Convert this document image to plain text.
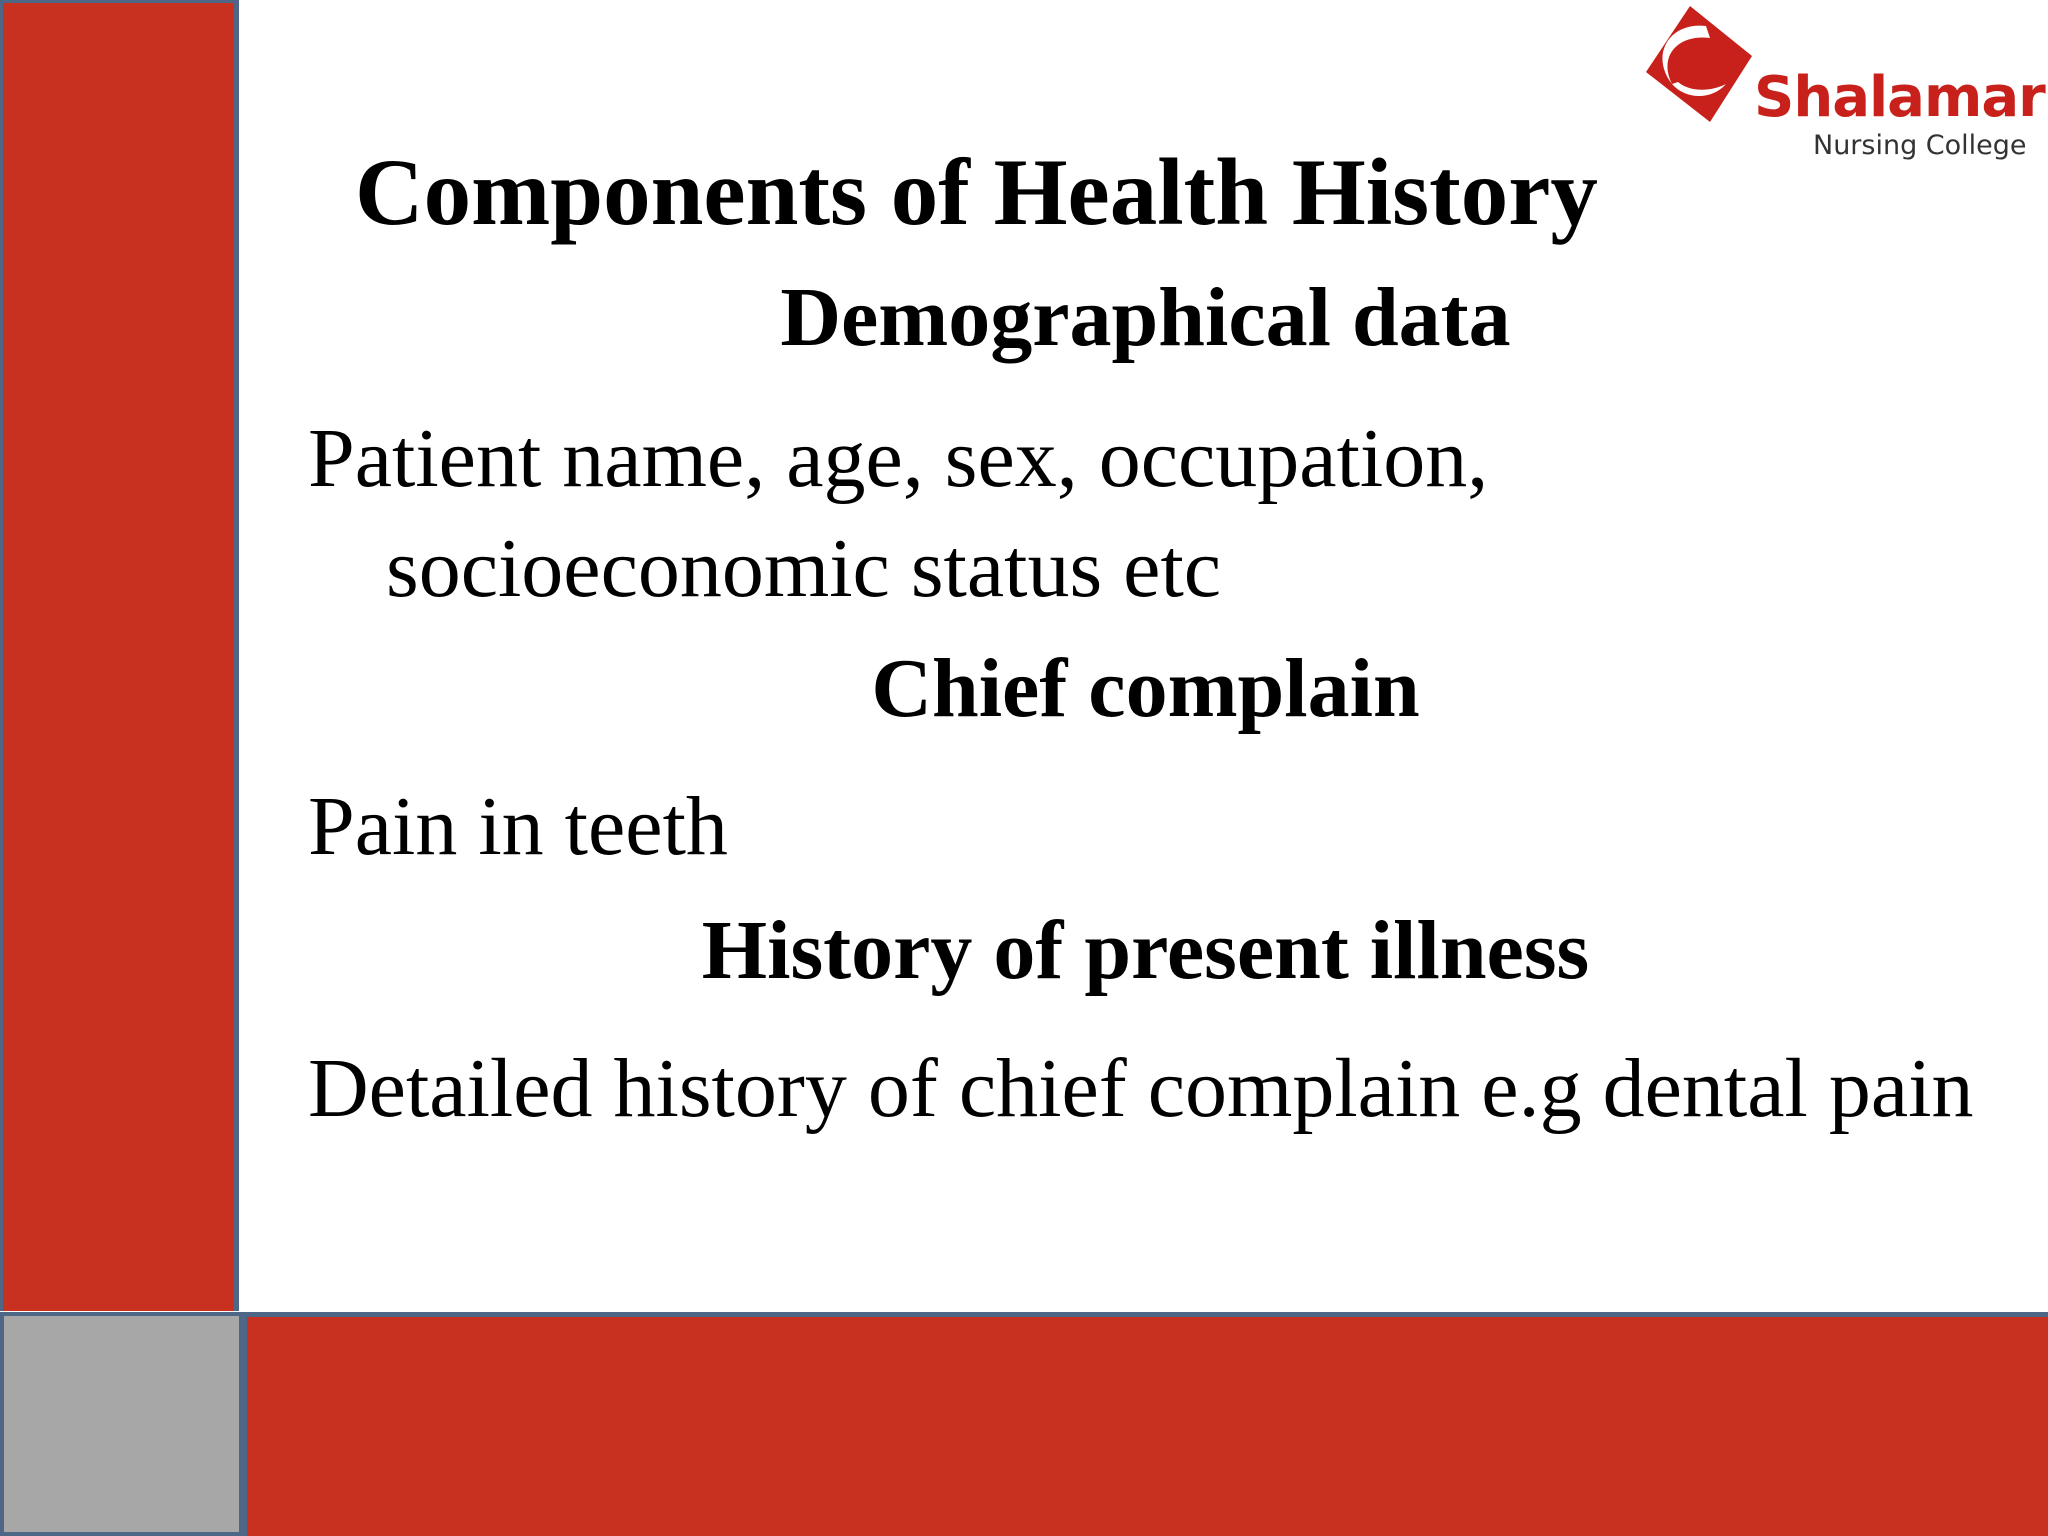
Shalamar
Nursing College
Components of Health History
Demographical data

Patient name, age, sex, occupation, socioeconomic status etc

Chief complain

Pain in teeth

History of present illness

Detailed history of chief complain e.g dental pain
